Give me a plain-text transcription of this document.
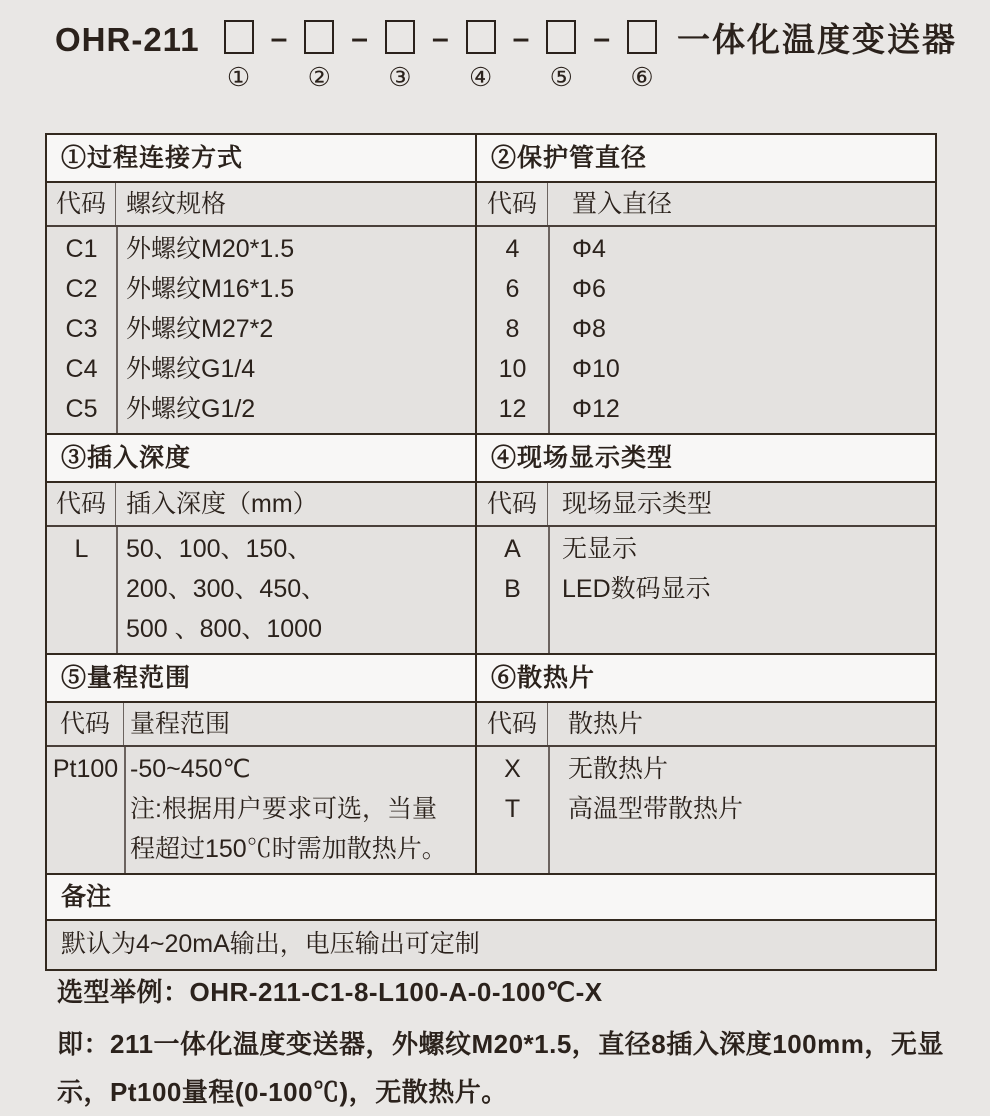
OHR-211
①
–
②
–
③
–
④
–
⑤
–
⑥
一体化温度变送器
①过程连接方式
代码 螺纹规格
C1	外螺纹M20*1.5
C2	外螺纹M16*1.5
C3	外螺纹M27*2
C4	外螺纹G1/4
C5	外螺纹G1/2
②保护管直径
代码	置入直径
4	Φ4
6	Φ6
8	Φ8
10	Φ10
12	Φ12
③插入深度
代码 插入深度（mm）
L	50、100、150、
200、300、450、
500 、800、1000
④现场显示类型
代码	现场显示类型
A	无显示
B	LED数码显示
⑤量程范围
代码 量程范围
Pt100 -50~450℃
注:根据用户要求可选，当量
程超过150℃时需加散热片。
⑥散热片
代码	散热片
X	无散热片
T	高温型带散热片
备注
默认为4~20mA输出，电压输出可定制
选型举例：OHR-211-C1-8-L100-A-0-100℃-X
即：211一体化温度变送器，外螺纹M20*1.5，直径8插入深度100mm，无显示，Pt100量程(0-100℃)，无散热片。
